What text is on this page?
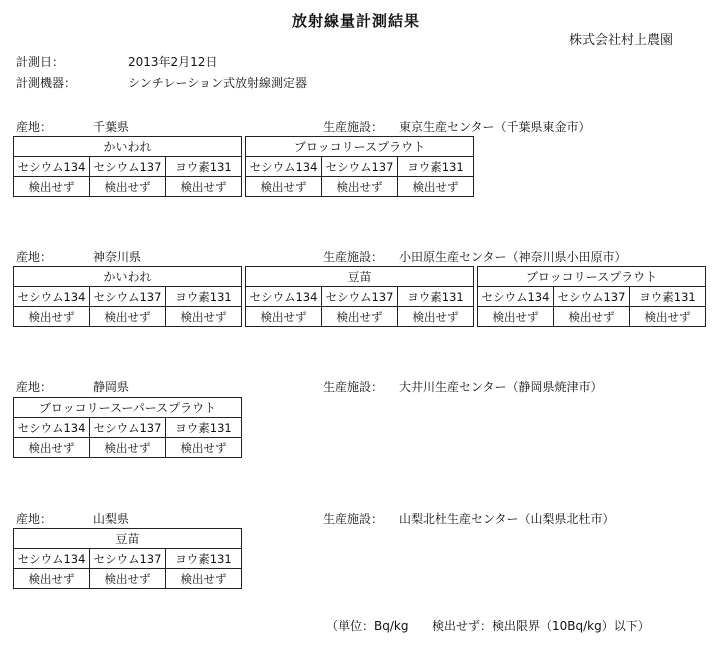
放射線量計測結果
株式会社村上農園
計測日：	2013年2月12日
計測機器：	シンチレーション式放射線測定器
産地：	千葉県	生産施設： 東京生産センター（千葉県東金市）
かいわれ				ブロッコリースプラウト		
セシウム134	セシウム137	ヨウ素131		セシウム134	セシウム137	ヨウ素131
検出せず	検出せず	検出せず		検出せず	検出せず	検出せず
産地：	神奈川県	生産施設： 小田原生産センター（神奈川県小田原市）
かいわれ				豆苗				ブロッコリースプラウト		
セシウム134	セシウム137	ヨウ素131		セシウム134	セシウム137	ヨウ素131		セシウム134	セシウム137	ヨウ素131
検出せず	検出せず	検出せず		検出せず	検出せず	検出せず		検出せず	検出せず	検出せず
産地：	静岡県	生産施設： 大井川生産センター（静岡県焼津市）
ブロッコリースーパースプラウト		
セシウム134	セシウム137	ヨウ素131
検出せず	検出せず	検出せず
産地：	山梨県	生産施設： 山梨北杜生産センター（山梨県北杜市）
豆苗		
セシウム134	セシウム137	ヨウ素131
検出せず	検出せず	検出せず
（単位：Bq/kg 検出せず：検出限界（10Bq/kg）以下）
